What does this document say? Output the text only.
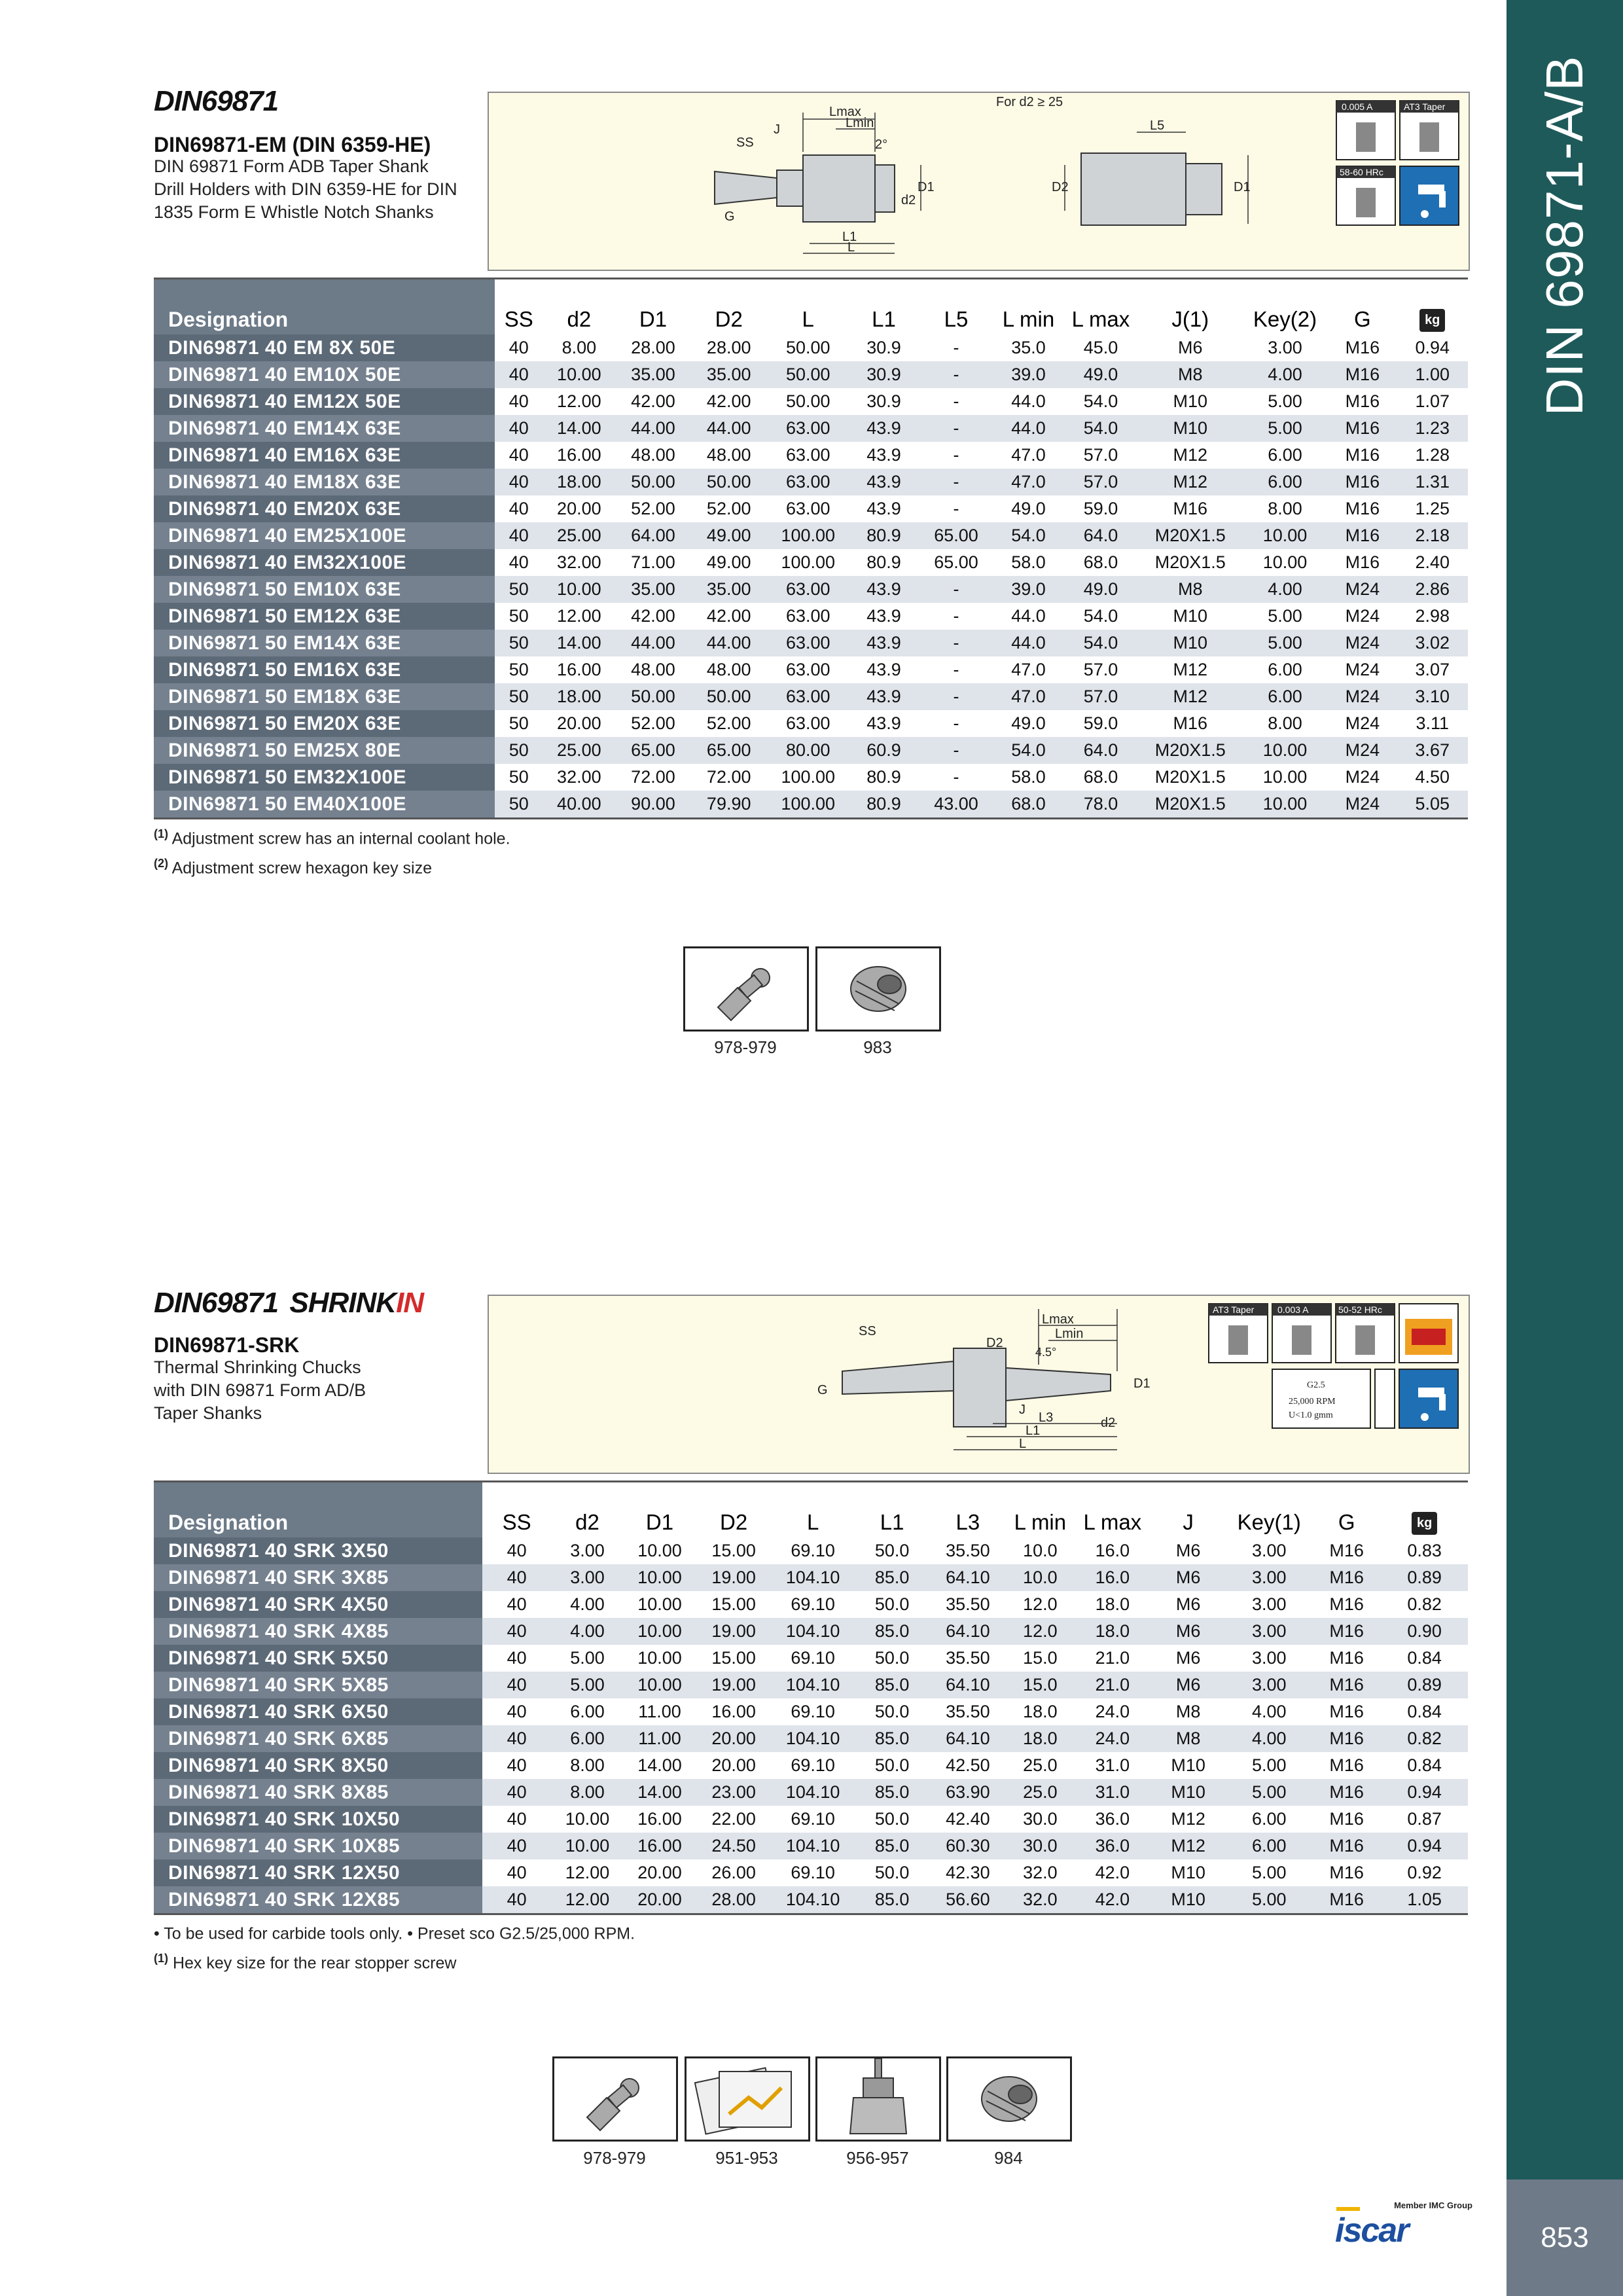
DIN 69871-A/B
853
DIN69871
DIN69871-EM (DIN 6359-HE)
DIN 69871 Form ADB Taper Shank
Drill Holders with DIN 6359-HE for DIN
1835 Form E Whistle Notch Shanks
Lmax
Lmin
SS
J
2°
D1
d2
G
L1
L
For d2 ≥ 25
L5
D2	D1
0.005 A	AT3 Taper
58-60 HRc
Designation	SS	d2	D1	D2	L	L1	L5	L min	L max	J(1)	Key(2)	G	kg
DIN69871 40 EM 8X 50E	40	8.00	28.00	28.00	50.00	30.9	-	35.0	45.0	M6	3.00	M16	0.94
DIN69871 40 EM10X 50E	40	10.00	35.00	35.00	50.00	30.9	-	39.0	49.0	M8	4.00	M16	1.00
DIN69871 40 EM12X 50E	40	12.00	42.00	42.00	50.00	30.9	-	44.0	54.0	M10	5.00	M16	1.07
DIN69871 40 EM14X 63E	40	14.00	44.00	44.00	63.00	43.9	-	44.0	54.0	M10	5.00	M16	1.23
DIN69871 40 EM16X 63E	40	16.00	48.00	48.00	63.00	43.9	-	47.0	57.0	M12	6.00	M16	1.28
DIN69871 40 EM18X 63E	40	18.00	50.00	50.00	63.00	43.9	-	47.0	57.0	M12	6.00	M16	1.31
DIN69871 40 EM20X 63E	40	20.00	52.00	52.00	63.00	43.9	-	49.0	59.0	M16	8.00	M16	1.25
DIN69871 40 EM25X100E	40	25.00	64.00	49.00	100.00	80.9	65.00	54.0	64.0	M20X1.5	10.00	M16	2.18
DIN69871 40 EM32X100E	40	32.00	71.00	49.00	100.00	80.9	65.00	58.0	68.0	M20X1.5	10.00	M16	2.40
DIN69871 50 EM10X 63E	50	10.00	35.00	35.00	63.00	43.9	-	39.0	49.0	M8	4.00	M24	2.86
DIN69871 50 EM12X 63E	50	12.00	42.00	42.00	63.00	43.9	-	44.0	54.0	M10	5.00	M24	2.98
DIN69871 50 EM14X 63E	50	14.00	44.00	44.00	63.00	43.9	-	44.0	54.0	M10	5.00	M24	3.02
DIN69871 50 EM16X 63E	50	16.00	48.00	48.00	63.00	43.9	-	47.0	57.0	M12	6.00	M24	3.07
DIN69871 50 EM18X 63E	50	18.00	50.00	50.00	63.00	43.9	-	47.0	57.0	M12	6.00	M24	3.10
DIN69871 50 EM20X 63E	50	20.00	52.00	52.00	63.00	43.9	-	49.0	59.0	M16	8.00	M24	3.11
DIN69871 50 EM25X 80E	50	25.00	65.00	65.00	80.00	60.9	-	54.0	64.0	M20X1.5	10.00	M24	3.67
DIN69871 50 EM32X100E	50	32.00	72.00	72.00	100.00	80.9	-	58.0	68.0	M20X1.5	10.00	M24	4.50
DIN69871 50 EM40X100E	50	40.00	90.00	79.90	100.00	80.9	43.00	68.0	78.0	M20X1.5	10.00	M24	5.05
$^{(1)}$ Adjustment screw has an internal coolant hole.
$^{(2)}$ Adjustment screw hexagon key size
978-979	983
DIN69871 SHRINKIN
DIN69871-SRK
Thermal Shrinking Chucks
with DIN 69871 Form AD/B
Taper Shanks
Lmax
Lmin
SS
D2
4.5°
D1
G
J
L3
L1
L
d2
AT3 Taper	0.003 A	50-52 HRc
G2.5
25,000 RPM
U<1.0 gmm
Designation	SS	d2	D1	D2	L	L1	L3	L min	L max	J	Key(1)	G	kg
DIN69871 40 SRK 3X50	40	3.00	10.00	15.00	69.10	50.0	35.50	10.0	16.0	M6	3.00	M16	0.83
DIN69871 40 SRK 3X85	40	3.00	10.00	19.00	104.10	85.0	64.10	10.0	16.0	M6	3.00	M16	0.89
DIN69871 40 SRK 4X50	40	4.00	10.00	15.00	69.10	50.0	35.50	12.0	18.0	M6	3.00	M16	0.82
DIN69871 40 SRK 4X85	40	4.00	10.00	19.00	104.10	85.0	64.10	12.0	18.0	M6	3.00	M16	0.90
DIN69871 40 SRK 5X50	40	5.00	10.00	15.00	69.10	50.0	35.50	15.0	21.0	M6	3.00	M16	0.84
DIN69871 40 SRK 5X85	40	5.00	10.00	19.00	104.10	85.0	64.10	15.0	21.0	M6	3.00	M16	0.89
DIN69871 40 SRK 6X50	40	6.00	11.00	16.00	69.10	50.0	35.50	18.0	24.0	M8	4.00	M16	0.84
DIN69871 40 SRK 6X85	40	6.00	11.00	20.00	104.10	85.0	64.10	18.0	24.0	M8	4.00	M16	0.82
DIN69871 40 SRK 8X50	40	8.00	14.00	20.00	69.10	50.0	42.50	25.0	31.0	M10	5.00	M16	0.84
DIN69871 40 SRK 8X85	40	8.00	14.00	23.00	104.10	85.0	63.90	25.0	31.0	M10	5.00	M16	0.94
DIN69871 40 SRK 10X50	40	10.00	16.00	22.00	69.10	50.0	42.40	30.0	36.0	M12	6.00	M16	0.87
DIN69871 40 SRK 10X85	40	10.00	16.00	24.50	104.10	85.0	60.30	30.0	36.0	M12	6.00	M16	0.94
DIN69871 40 SRK 12X50	40	12.00	20.00	26.00	69.10	50.0	42.30	32.0	42.0	M10	5.00	M16	0.92
DIN69871 40 SRK 12X85	40	12.00	20.00	28.00	104.10	85.0	56.60	32.0	42.0	M10	5.00	M16	1.05
• To be used for carbide tools only. • Preset sco G2.5/25,000 RPM.
$^{(1)}$ Hex key size for the rear stopper screw
978-979	951-953	956-957	984
Member IMC Group
iscar
